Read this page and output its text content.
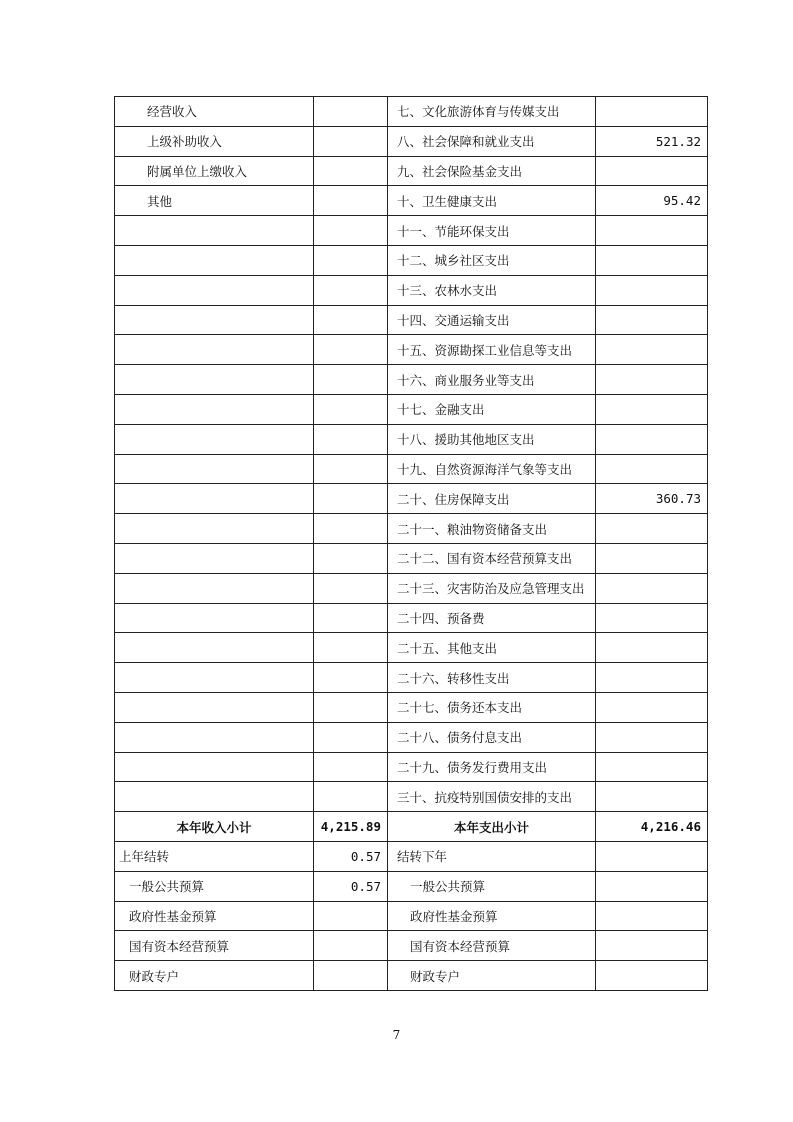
经营收入		七、文化旅游体育与传媒支出	
上级补助收入		八、社会保障和就业支出	521.32
附属单位上缴收入		九、社会保险基金支出	
其他		十、卫生健康支出	95.42
		十一、节能环保支出	
		十二、城乡社区支出	
		十三、农林水支出	
		十四、交通运输支出	
		十五、资源勘探工业信息等支出	
		十六、商业服务业等支出	
		十七、金融支出	
		十八、援助其他地区支出	
		十九、自然资源海洋气象等支出	
		二十、住房保障支出	360.73
		二十一、粮油物资储备支出	
		二十二、国有资本经营预算支出	
		二十三、灾害防治及应急管理支出	
		二十四、预备费	
		二十五、其他支出	
		二十六、转移性支出	
		二十七、债务还本支出	
		二十八、债务付息支出	
		二十九、债务发行费用支出	
		三十、抗疫特别国债安排的支出	
本年收入小计	4,215.89	本年支出小计	4,216.46
上年结转	0.57	结转下年	
一般公共预算	0.57	一般公共预算	
政府性基金预算		政府性基金预算	
国有资本经营预算		国有资本经营预算	
财政专户		财政专户	
7
